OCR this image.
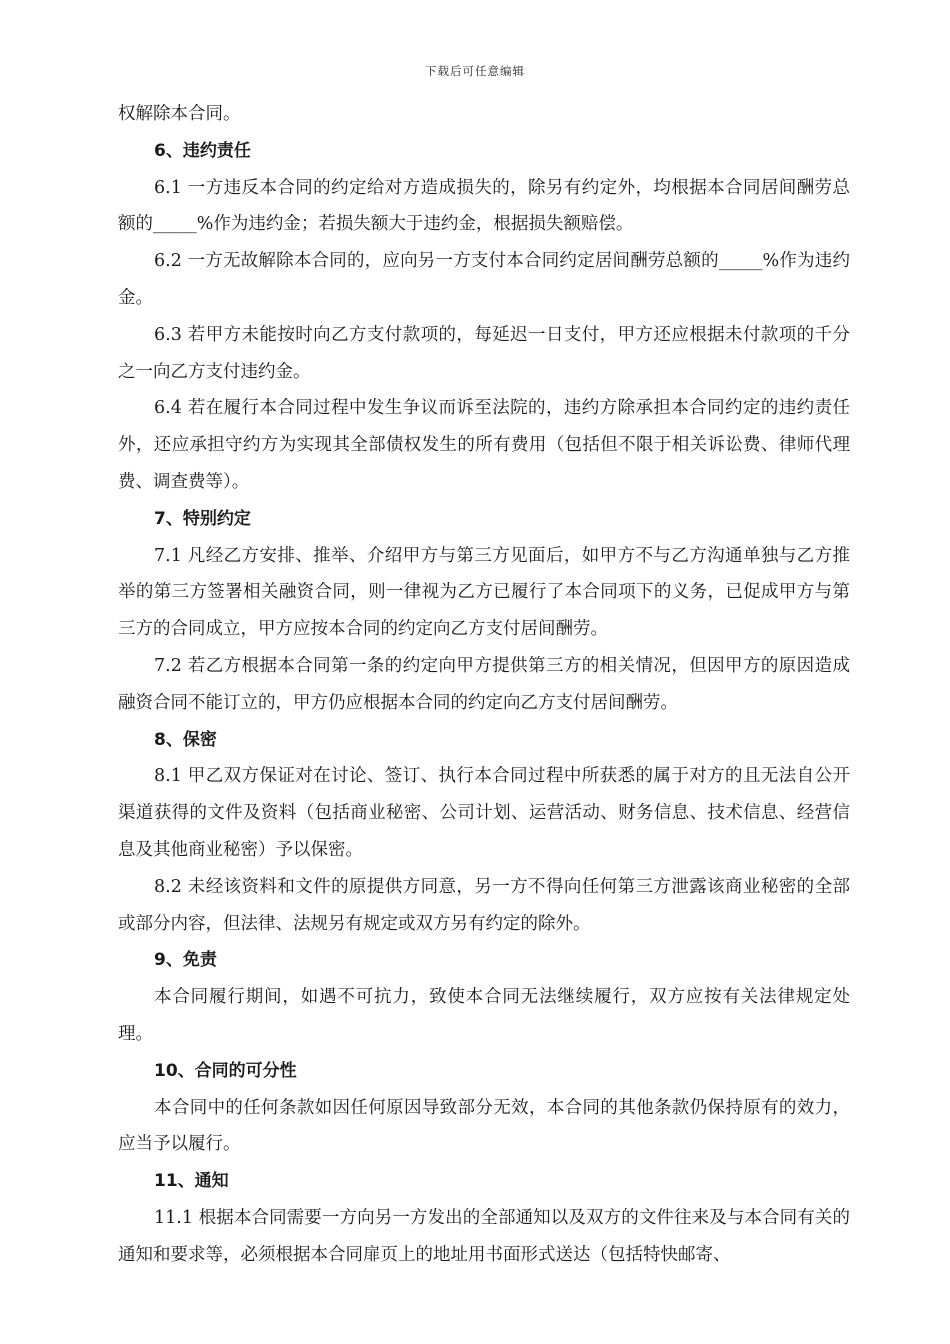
下载后可任意编辑

权解除本合同。

6、违约责任

6.1 一方违反本合同的约定给对方造成损失的，除另有约定外，均根据本合同居间酬劳总额的_____%作为违约金；若损失额大于违约金，根据损失额赔偿。

6.2 一方无故解除本合同的，应向另一方支付本合同约定居间酬劳总额的_____%作为违约金。

6.3 若甲方未能按时向乙方支付款项的，每延迟一日支付，甲方还应根据未付款项的千分之一向乙方支付违约金。

6.4 若在履行本合同过程中发生争议而诉至法院的，违约方除承担本合同约定的违约责任外，还应承担守约方为实现其全部债权发生的所有费用（包括但不限于相关诉讼费、律师代理费、调查费等）。

7、特别约定

7.1 凡经乙方安排、推举、介绍甲方与第三方见面后，如甲方不与乙方沟通单独与乙方推举的第三方签署相关融资合同，则一律视为乙方已履行了本合同项下的义务，已促成甲方与第三方的合同成立，甲方应按本合同的约定向乙方支付居间酬劳。

7.2 若乙方根据本合同第一条的约定向甲方提供第三方的相关情况，但因甲方的原因造成融资合同不能订立的，甲方仍应根据本合同的约定向乙方支付居间酬劳。

8、保密

8.1 甲乙双方保证对在讨论、签订、执行本合同过程中所获悉的属于对方的且无法自公开渠道获得的文件及资料（包括商业秘密、公司计划、运营活动、财务信息、技术信息、经营信息及其他商业秘密）予以保密。

8.2 未经该资料和文件的原提供方同意，另一方不得向任何第三方泄露该商业秘密的全部或部分内容，但法律、法规另有规定或双方另有约定的除外。

9、免责

本合同履行期间，如遇不可抗力，致使本合同无法继续履行，双方应按有关法律规定处理。

10、合同的可分性

本合同中的任何条款如因任何原因导致部分无效，本合同的其他条款仍保持原有的效力，应当予以履行。

11、通知

11.1 根据本合同需要一方向另一方发出的全部通知以及双方的文件往来及与本合同有关的通知和要求等，必须根据本合同扉页上的地址用书面形式送达（包括特快邮寄、
